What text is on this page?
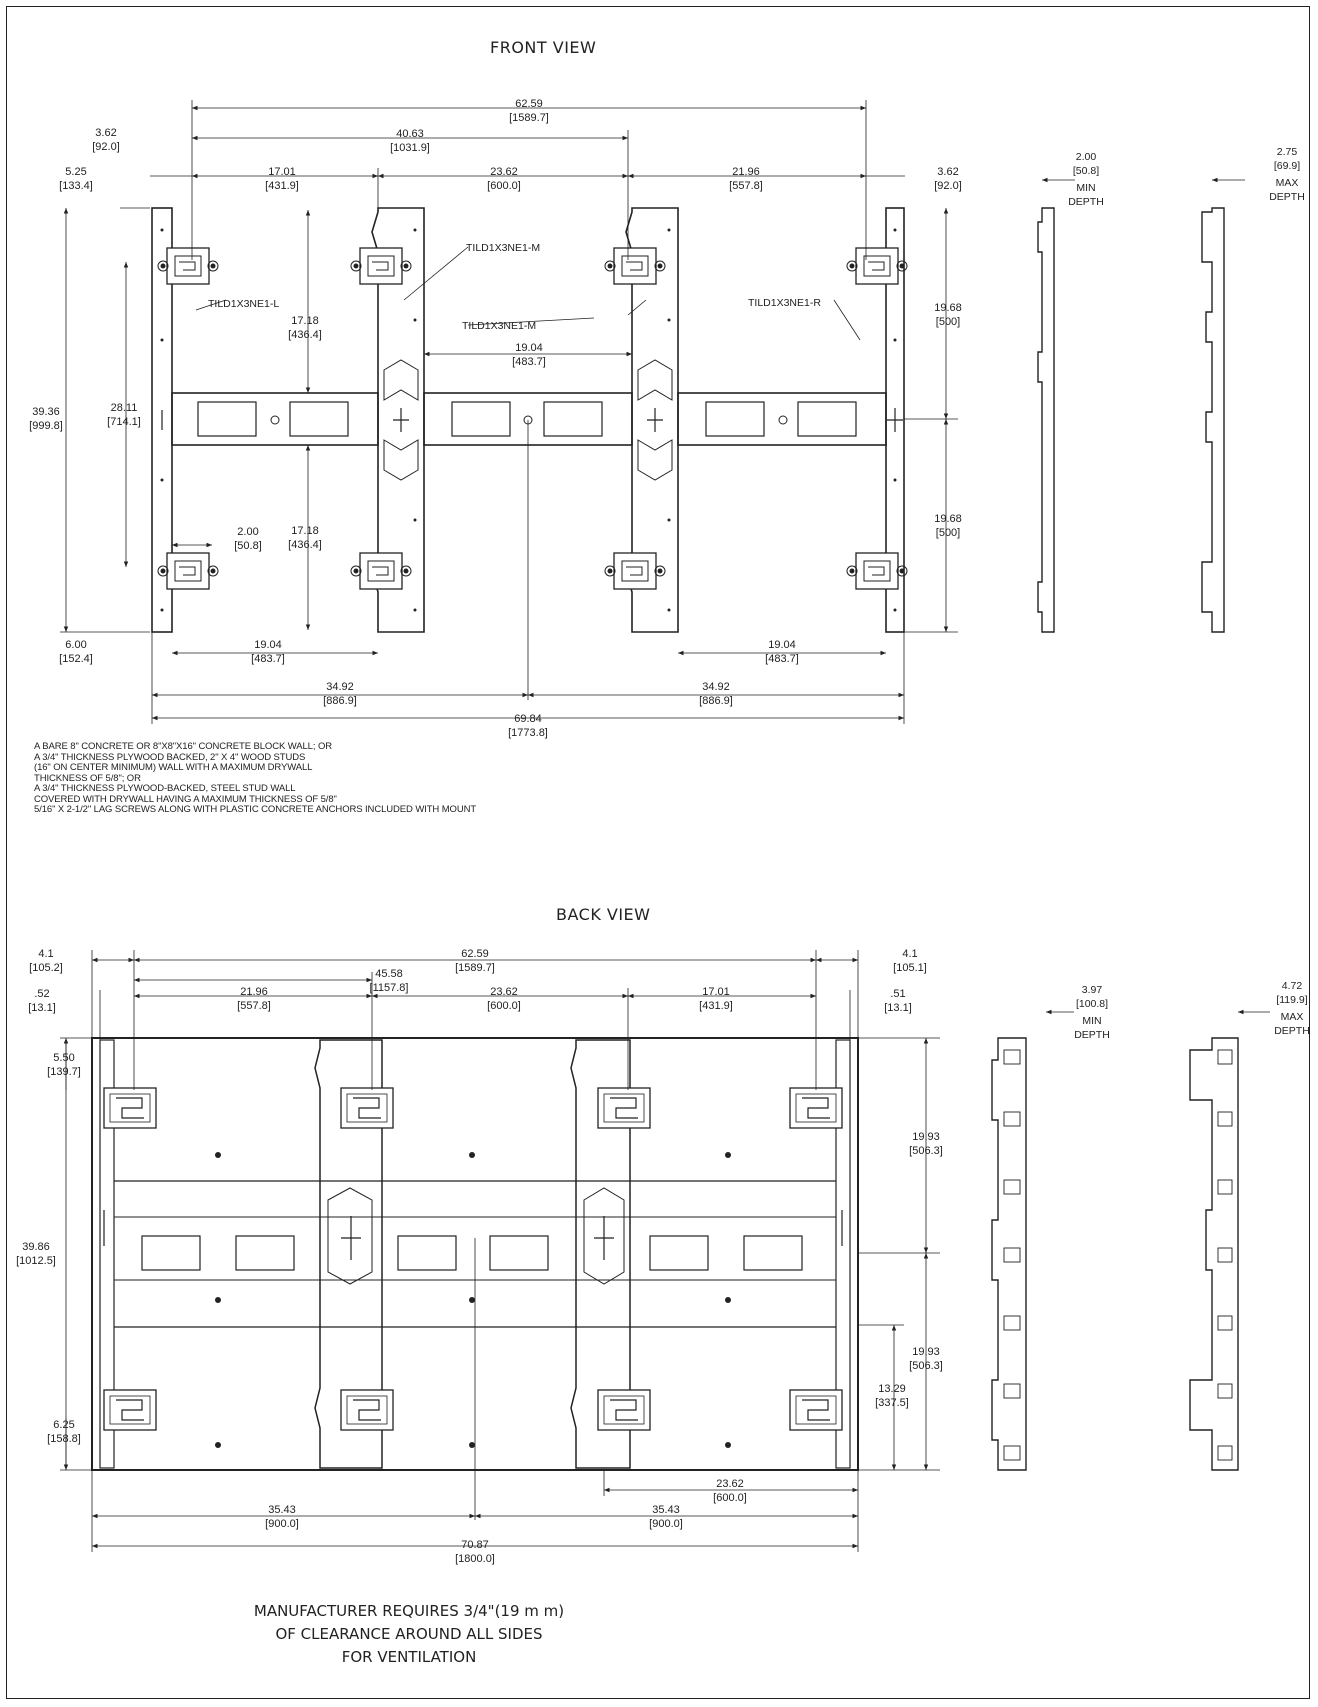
FRONT VIEW
BACK VIEW
62.59
[1589.7]
40.63
[1031.9]
3.62
[92.0]
17.01
[431.9]
23.62
[600.0]
21.96
[557.8]
3.62
[92.0]
5.25
[133.4]
39.36
[999.8]
28.11
[714.1]
17.18
[436.4]
17.18
[436.4]
19.04
[483.7]
19.68
[500]
19.68
[500]
2.00
[50.8]
6.00
[152.4]
19.04
[483.7]
19.04
[483.7]
34.92
[886.9]
34.92
[886.9]
69.84
[1773.8]
TILD1X3NE1-L
TILD1X3NE1-M
TILD1X3NE1-M
TILD1X3NE1-R
2.00
[50.8]
MIN
DEPTH
2.75
[69.9]
MAX
DEPTH
4.1
[105.2]
4.1
[105.1]
62.59
[1589.7]
45.58
[1157.8]
.52
[13.1]
.51
[13.1]
21.96
[557.8]
23.62
[600.0]
17.01
[431.9]
5.50
[139.7]
39.86
[1012.5]
6.25
[158.8]
19.93
[506.3]
19.93
[506.3]
13.29
[337.5]
23.62
[600.0]
35.43
[900.0]
35.43
[900.0]
70.87
[1800.0]
3.97
[100.8]
MIN
DEPTH
4.72
[119.9]
MAX
DEPTH
A BARE 8" CONCRETE OR 8"X8"X16" CONCRETE BLOCK WALL; OR
A 3/4" THICKNESS PLYWOOD BACKED, 2" X 4" WOOD STUDS
(16" ON CENTER MINIMUM) WALL WITH A MAXIMUM DRYWALL
THICKNESS OF 5/8"; OR
A 3/4" THICKNESS PLYWOOD-BACKED, STEEL STUD WALL
COVERED WITH DRYWALL HAVING A MAXIMUM THICKNESS OF 5/8"
5/16" X 2-1/2" LAG SCREWS ALONG WITH PLASTIC CONCRETE ANCHORS INCLUDED WITH MOUNT
MANUFACTURER REQUIRES 3/4"(19 m m)
OF CLEARANCE AROUND ALL SIDES
FOR VENTILATION
